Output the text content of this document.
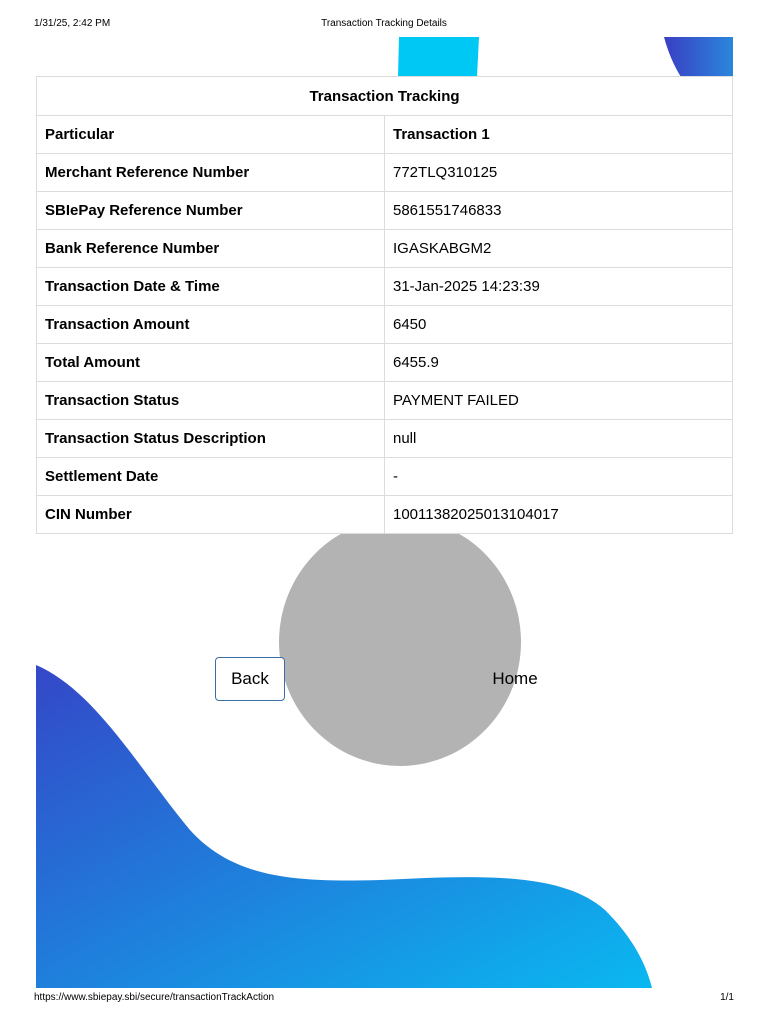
1/31/25, 2:42 PM	Transaction Tracking Details
Transaction Tracking	
Particular	Transaction 1
Merchant Reference Number	772TLQ310125
SBIePay Reference Number	5861551746833
Bank Reference Number	IGASKABGM2
Transaction Date & Time	31-Jan-2025 14:23:39
Transaction Amount	6450
Total Amount	6455.9
Transaction Status	PAYMENT FAILED
Transaction Status Description	null
Settlement Date	-
CIN Number	10011382025013104017
Back	Home
https://www.sbiepay.sbi/secure/transactionTrackAction	1/1
